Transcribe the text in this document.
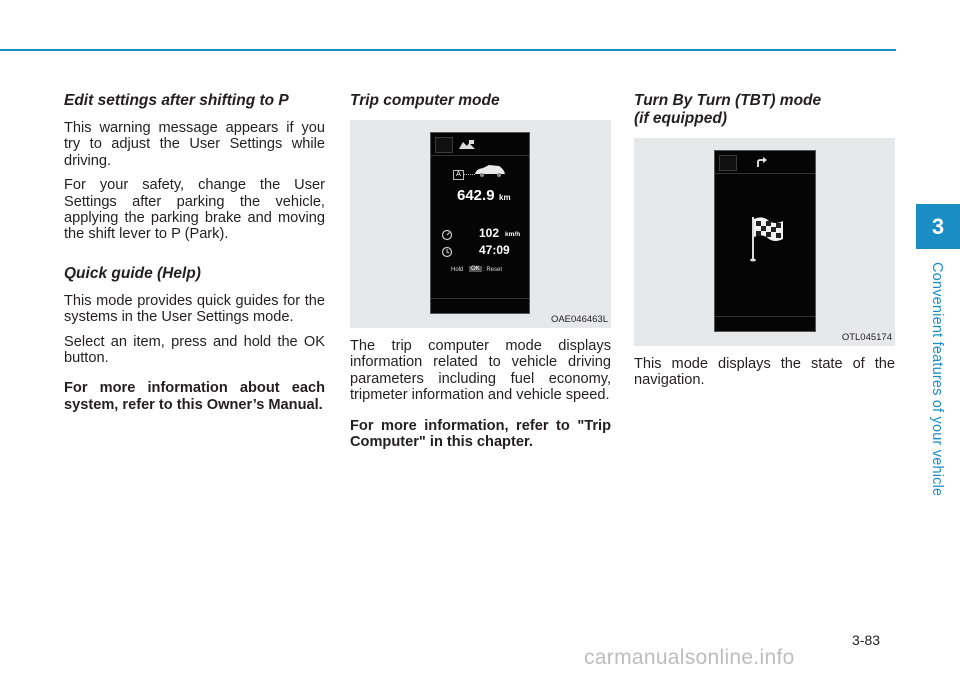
Edit settings after shifting to P

This warning message appears if you try to adjust the User Settings while driving.

For your safety, change the User Settings after parking the vehicle, applying the parking brake and moving the shift lever to P (Park).

Quick guide (Help)

This mode provides quick guides for the systems in the User Settings mode.

Select an item, press and hold the OK button.

For more information about each system, refer to this Owner’s Manual.

Trip computer mode
A
642.9 km
102 km/h
47:09
Hold	OK : Reset
OAE046463L

The trip computer mode displays information related to vehicle driving parameters including fuel economy, tripmeter information and vehicle speed.

For more information, refer to "Trip Computer" in this chapter.

Turn By Turn (TBT) mode
(if equipped)
OTL045174

This mode displays the state of the navigation.

3
Convenient features of your vehicle
3-83
carmanualsonline.info
